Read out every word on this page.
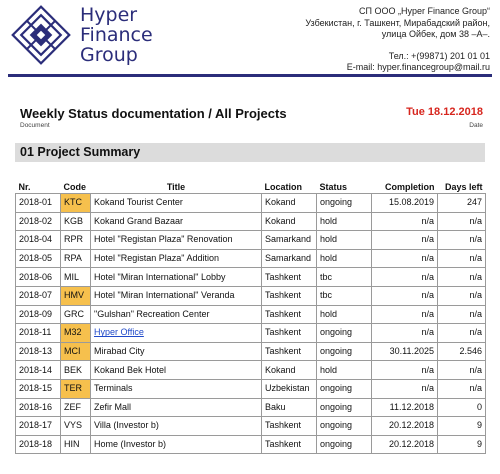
Hyper
Finance
Group
СП ООО „Hyper Finance Group“
Узбекистан, г. Ташкент, Мирабадский район,
улица Ойбек, дом 38 –А–.
Тел.: +(99871) 201 01 01
E-mail: hyper.financegroup@mail.ru
Weekly Status documentation / All Projects
Document
Tue 18.12.2018
Date
01 Project Summary
Nr.	Code	Title	Location	Status	Completion	Days left
2018-01	KTC	Kokand Tourist Center	Kokand	ongoing	15.08.2019	247
2018-02	KGB	Kokand Grand Bazaar	Kokand	hold	n/a	n/a
2018-04	RPR	Hotel "Registan Plaza" Renovation	Samarkand	hold	n/a	n/a
2018-05	RPA	Hotel "Registan Plaza" Addition	Samarkand	hold	n/a	n/a
2018-06	MIL	Hotel "Miran International" Lobby	Tashkent	tbc	n/a	n/a
2018-07	HMV	Hotel "Miran International" Veranda	Tashkent	tbc	n/a	n/a
2018-09	GRC	"Gulshan" Recreation Center	Tashkent	hold	n/a	n/a
2018-11	M32	Hyper Office	Tashkent	ongoing	n/a	n/a
2018-13	MCI	Mirabad City	Tashkent	ongoing	30.11.2025	2.546
2018-14	BEK	Kokand Bek Hotel	Kokand	hold	n/a	n/a
2018-15	TER	Terminals	Uzbekistan	ongoing	n/a	n/a
2018-16	ZEF	Zefir Mall	Baku	ongoing	11.12.2018	0
2018-17	VYS	Villa (Investor b)	Tashkent	ongoing	20.12.2018	9
2018-18	HIN	Home (Investor b)	Tashkent	ongoing	20.12.2018	9
